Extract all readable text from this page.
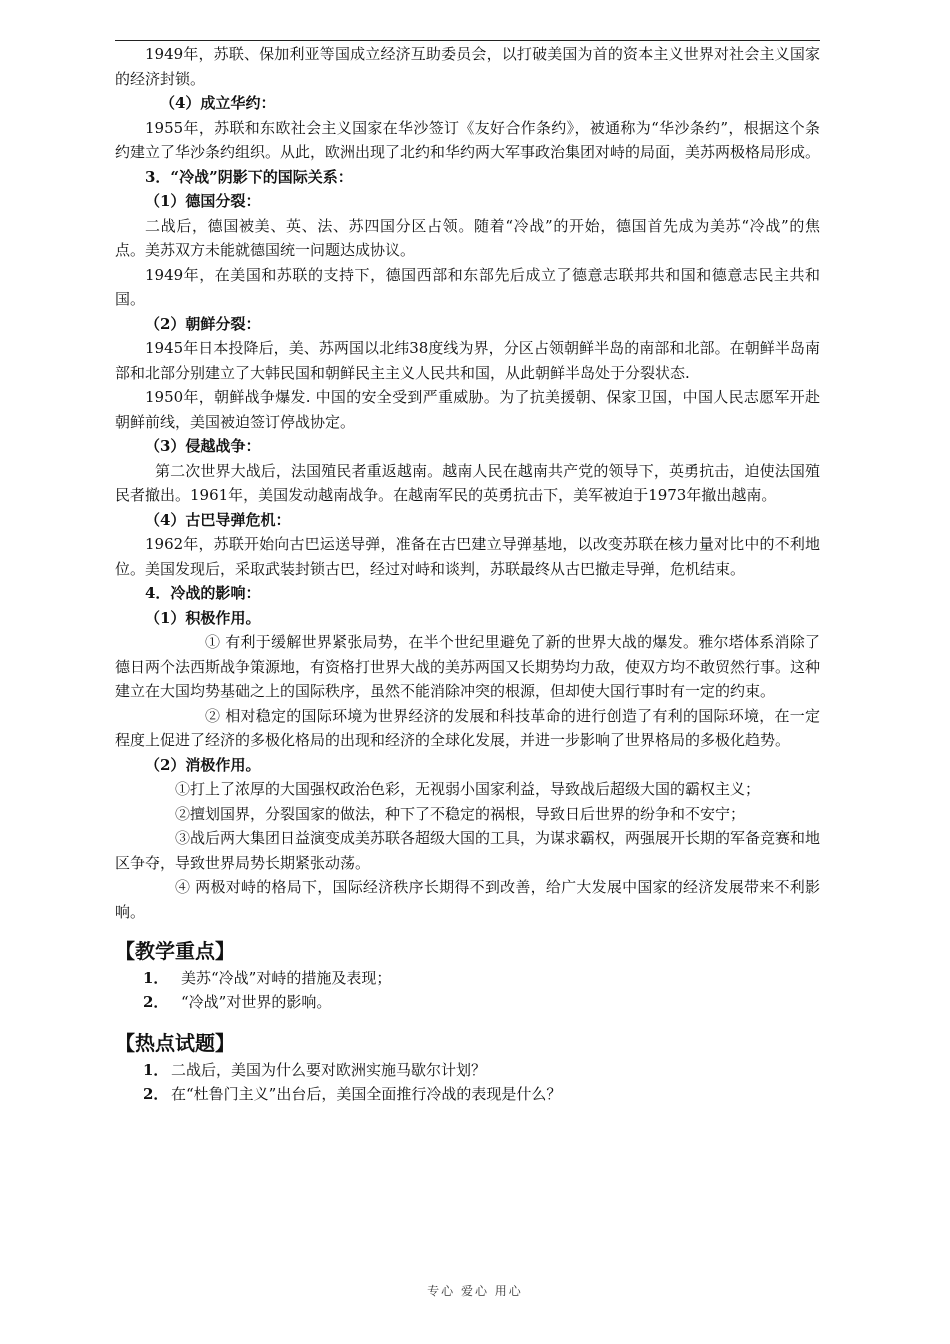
1949年，苏联、保加利亚等国成立经济互助委员会，以打破美国为首的资本主义世界对社会主义国家的经济封锁。

（4）成立华约：

1955年，苏联和东欧社会主义国家在华沙签订《友好合作条约》，被通称为“华沙条约”，根据这个条约建立了华沙条约组织。从此，欧洲出现了北约和华约两大军事政治集团对峙的局面，美苏两极格局形成。

3．“冷战”阴影下的国际关系：

（1）德国分裂：

二战后，德国被美、英、法、苏四国分区占领。随着“冷战”的开始，德国首先成为美苏“冷战”的焦点。美苏双方未能就德国统一问题达成协议。

1949年，在美国和苏联的支持下，德国西部和东部先后成立了德意志联邦共和国和德意志民主共和国。

（2）朝鲜分裂：

1945年日本投降后，美、苏两国以北纬38度线为界，分区占领朝鲜半岛的南部和北部。在朝鲜半岛南部和北部分别建立了大韩民国和朝鲜民主主义人民共和国，从此朝鲜半岛处于分裂状态.

1950年，朝鲜战争爆发. 中国的安全受到严重威胁。为了抗美援朝、保家卫国，中国人民志愿军开赴朝鲜前线，美国被迫签订停战协定。

（3）侵越战争：

第二次世界大战后，法国殖民者重返越南。越南人民在越南共产党的领导下，英勇抗击，迫使法国殖民者撤出。1961年，美国发动越南战争。在越南军民的英勇抗击下，美军被迫于1973年撤出越南。

（4）古巴导弹危机：

1962年，苏联开始向古巴运送导弹，准备在古巴建立导弹基地，以改变苏联在核力量对比中的不利地位。美国发现后，采取武装封锁古巴，经过对峙和谈判，苏联最终从古巴撤走导弹，危机结束。

4．冷战的影响：

（1）积极作用。

① 有利于缓解世界紧张局势，在半个世纪里避免了新的世界大战的爆发。雅尔塔体系消除了德日两个法西斯战争策源地，有资格打世界大战的美苏两国又长期势均力敌，使双方均不敢贸然行事。这种建立在大国均势基础之上的国际秩序，虽然不能消除冲突的根源，但却使大国行事时有一定的约束。

② 相对稳定的国际环境为世界经济的发展和科技革命的进行创造了有利的国际环境，在一定程度上促进了经济的多极化格局的出现和经济的全球化发展，并进一步影响了世界格局的多极化趋势。

（2）消极作用。

①打上了浓厚的大国强权政治色彩，无视弱小国家利益，导致战后超级大国的霸权主义；

②擅划国界，分裂国家的做法，种下了不稳定的祸根，导致日后世界的纷争和不安宁；

③战后两大集团日益演变成美苏联各超级大国的工具，为谋求霸权，两强展开长期的军备竞赛和地区争夺，导致世界局势长期紧张动荡。

④ 两极对峙的格局下，国际经济秩序长期得不到改善，给广大发展中国家的经济发展带来不利影响。

【教学重点】

1． 美苏“冷战”对峙的措施及表现；
2． “冷战”对世界的影响。

【热点试题】

1． 二战后，美国为什么要对欧洲实施马歇尔计划？
2． 在“杜鲁门主义”出台后，美国全面推行冷战的表现是什么？
专心 爱心 用心
